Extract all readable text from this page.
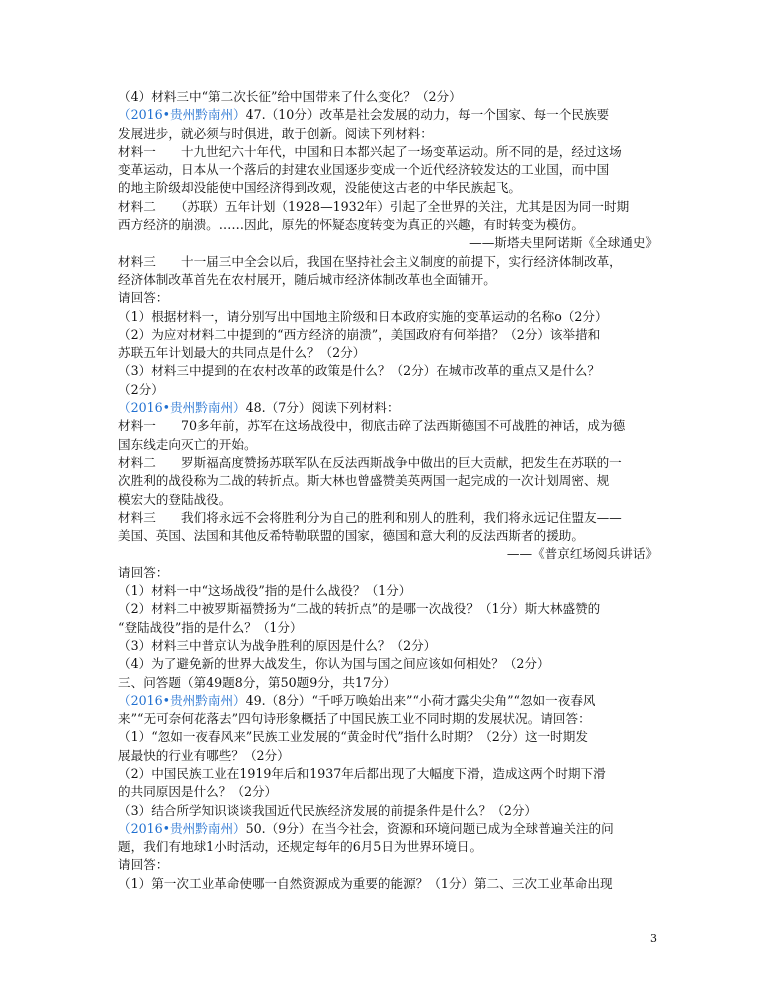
（4）材料三中“第二次长征”给中国带来了什么变化？（2分）
（2016•贵州黔南州）47.（10分）改革是社会发展的动力，每一个国家、每一个民族要
发展进步，就必须与时俱进，敢于创新。阅读下列材料：
材料一　　十九世纪六十年代，中国和日本都兴起了一场变革运动。所不同的是，经过这场
变革运动，日本从一个落后的封建农业国逐步变成一个近代经济较发达的工业国，而中国
的地主阶级却没能使中国经济得到改观，没能使这古老的中华民族起飞。
材料二　　（苏联）五年计划（1928—1932年）引起了全世界的关注，尤其是因为同一时期
西方经济的崩溃。……因此，原先的怀疑态度转变为真正的兴趣，有时转变为模仿。
——斯塔夫里阿诺斯《全球通史》
材料三　　十一届三中全会以后，我国在坚持社会主义制度的前提下，实行经济体制改革，
经济体制改革首先在农村展开，随后城市经济体制改革也全面铺开。
请回答：
（1）根据材料一，请分别写出中国地主阶级和日本政府实施的变革运动的名称ο（2分）
（2）为应对材料二中提到的“西方经济的崩溃”，美国政府有何举措？（2分）该举措和
苏联五年计划最大的共同点是什么？（2分）
（3）材料三中提到的在农村改革的政策是什么？（2分）在城市改革的重点又是什么？
（2分）
（2016•贵州黔南州）48.（7分）阅读下列材料：
材料一　　70多年前，苏军在这场战役中，彻底击碎了法西斯德国不可战胜的神话，成为德
国东线走向灭亡的开始。
材料二　　罗斯福高度赞扬苏联军队在反法西斯战争中做出的巨大贡献，把发生在苏联的一
次胜利的战役称为二战的转折点。斯大林也曾盛赞美英两国一起完成的一次计划周密、规
模宏大的登陆战役。
材料三　　我们将永远不会将胜利分为自己的胜利和别人的胜利，我们将永远记住盟友——
美国、英国、法国和其他反希特勒联盟的国家，德国和意大利的反法西斯者的援助。
——《普京红场阅兵讲话》
请回答：
（1）材料一中“这场战役”指的是什么战役？（1分）
（2）材料二中被罗斯福赞扬为“二战的转折点”的是哪一次战役？（1分）斯大林盛赞的
“登陆战役”指的是什么？（1分）
（3）材料三中普京认为战争胜利的原因是什么？（2分）
（4）为了避免新的世界大战发生，你认为国与国之间应该如何相处？（2分）
三、问答题（第49题8分，第50题9分，共17分）
（2016•贵州黔南州）49.（8分）“千呼万唤始出来”“小荷才露尖尖角”“忽如一夜春风
来”“无可奈何花落去”四句诗形象概括了中国民族工业不同时期的发展状况。请回答：
（1）“忽如一夜春风来”民族工业发展的“黄金时代”指什么时期？（2分）这一时期发
展最快的行业有哪些？（2分）
（2）中国民族工业在1919年后和1937年后都出现了大幅度下滑，造成这两个时期下滑
的共同原因是什么？（2分）
（3）结合所学知识谈谈我国近代民族经济发展的前提条件是什么？（2分）
（2016•贵州黔南州）50.（9分）在当今社会，资源和环境问题已成为全球普遍关注的问
题，我们有地球1小时活动，还规定每年的6月5日为世界环境日。
请回答：
（1）第一次工业革命使哪一自然资源成为重要的能源？（1分）第二、三次工业革命出现
3
